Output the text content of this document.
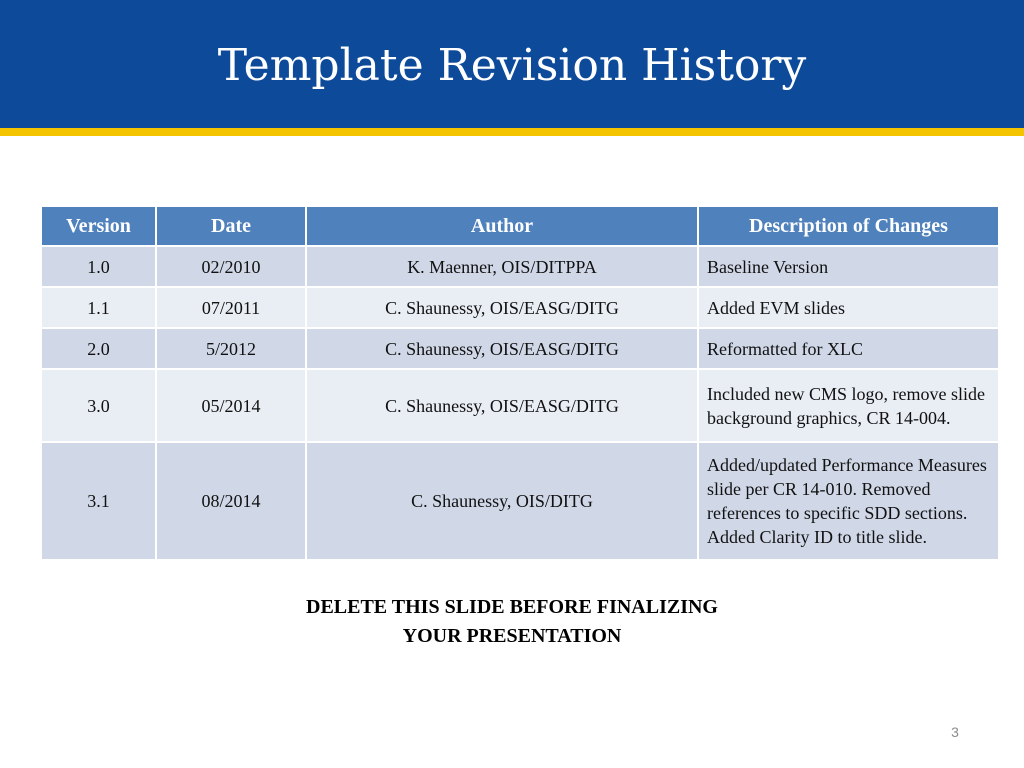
Template Revision History
Version	Date	Author	Description of Changes
1.0	02/2010	K. Maenner, OIS/DITPPA	Baseline Version
1.1	07/2011	C. Shaunessy, OIS/EASG/DITG	Added EVM slides
2.0	5/2012	C. Shaunessy, OIS/EASG/DITG	Reformatted for XLC
3.0	05/2014	C. Shaunessy, OIS/EASG/DITG	Included new CMS logo, remove slide background graphics, CR 14-004.
3.1	08/2014	C. Shaunessy, OIS/DITG	Added/updated Performance Measures slide per CR 14-010. Removed references to specific SDD sections. Added Clarity ID to title slide.
DELETE THIS SLIDE BEFORE FINALIZING
YOUR PRESENTATION
3
